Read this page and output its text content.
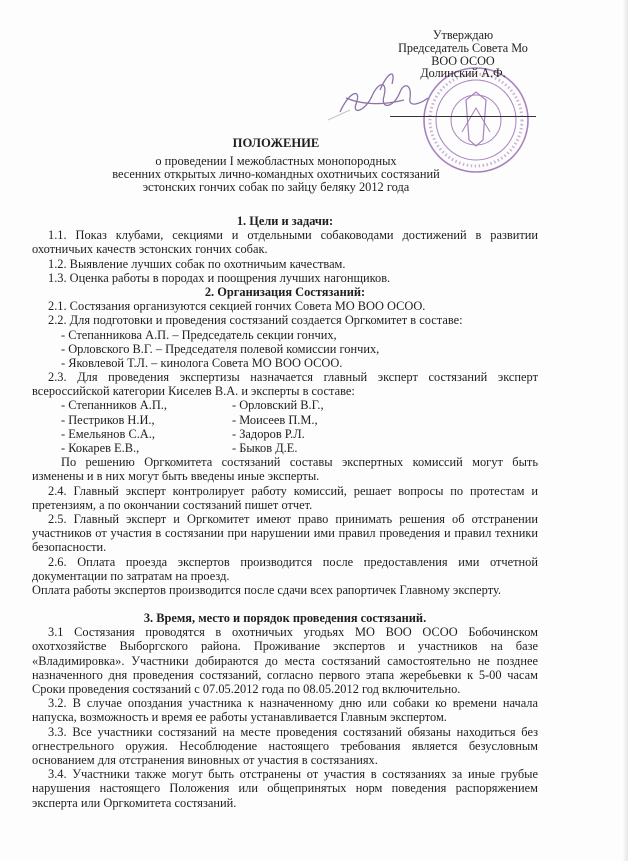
Утверждаю
Председатель Совета Мо
ВОО ОСОО
Долинский А.Ф.
ПОЛОЖЕНИЕ
о проведении I межобластных монопородных
весенних открытых лично-командных охотничьих состязаний
эстонских гончих собак по зайцу беляку 2012 года
1. Цели и задачи:
1.1. Показ клубами, секциями и отдельными собаководами достижений в развитии
охотничьих качеств эстонских гончих собак.
1.2. Выявление лучших собак по охотничьим качествам.
1.3. Оценка работы в породах и поощрения лучших нагонщиков.
2. Организация Состязаний:
2.1. Состязания организуются секцией гончих Совета МО ВОО ОСОО.
2.2. Для подготовки и проведения состязаний создается Оргкомитет в составе:
- Степанникова А.П. – Председатель секции гончих,
- Орловского В.Г. – Председателя полевой комиссии гончих,
- Яковлевой Т.Л. – кинолога Совета МО ВОО ОСОО.
2.3. Для проведения экспертизы назначается главный эксперт состязаний эксперт
всероссийской категории Киселев В.А. и эксперты в составе:
- Степанников А.П.,	- Орловский В.Г.,
- Пестриков Н.И.,	- Моисеев П.М.,
- Емельянов С.А.,	- Задоров Р.Л.
- Кокарев Е.В.,	- Быков Д.Е.
По решению Оргкомитета состязаний составы экспертных комиссий могут быть
изменены и в них могут быть введены иные эксперты.
2.4. Главный эксперт контролирует работу комиссий, решает вопросы по протестам и
претензиям, а по окончании состязаний пишет отчет.
2.5. Главный эксперт и Оргкомитет имеют право принимать решения об отстранении
участников от участия в состязании при нарушении ими правил проведения и правил техники
безопасности.
2.6. Оплата проезда экспертов производится после предоставления ими отчетной
документации по затратам на проезд.
Оплата работы экспертов производится после сдачи всех рапортичек Главному эксперту.
3. Время, место и порядок проведения состязаний.
3.1 Состязания проводятся в охотничьих угодьях МО ВОО ОСОО Бобочинском
охотхозяйстве Выборгского района. Проживание экспертов и участников на базе
«Владимировка». Участники добираются до места состязаний самостоятельно не позднее
назначенного дня проведения состязаний, согласно первого этапа жеребьевки к 5-00 часам
Сроки проведения состязаний с 07.05.2012 года по 08.05.2012 год включительно.
3.2. В случае опоздания участника к назначенному дню или собаки ко времени начала
напуска, возможность и время ее работы устанавливается Главным экспертом.
3.3. Все участники состязаний на месте проведения состязаний обязаны находиться без
огнестрельного оружия. Несоблюдение настоящего требования является безусловным
основанием для отстранения виновных от участия в состязаниях.
3.4. Участники также могут быть отстранены от участия в состязаниях за иные грубые
нарушения настоящего Положения или общепринятых норм поведения распоряжением
эксперта или Оргкомитета состязаний.
